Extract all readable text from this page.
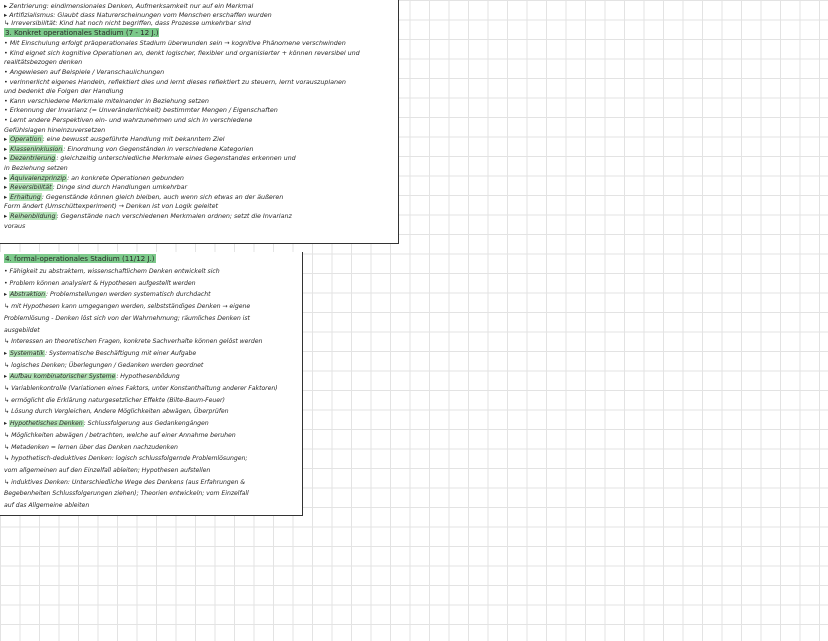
▸ Zentrierung: eindimensionales Denken, Aufmerksamkeit nur auf ein Merkmal
▸ Artifizialismus: Glaubt dass Naturerscheinungen vom Menschen erschaffen wurden
↳ Irreversibilität: Kind hat noch nicht begriffen, dass Prozesse umkehrbar sind
3. Konkret operationales Stadium (7 - 12 J.)
• Mit Einschulung erfolgt präoperationales Stadium überwunden sein → kognitive Phänomene verschwinden
• Kind eignet sich kognitive Operationen an, denkt logischer, flexibler und organisierter + können reversibel und
realitätsbezogen denken
• Angewiesen auf Beispiele / Veranschaulichungen
• verinnerlicht eigenes Handeln, reflektiert dies und lernt dieses reflektiert zu steuern, lernt vorauszuplanen
und bedenkt die Folgen der Handlung
• Kann verschiedene Merkmale miteinander in Beziehung setzen
• Erkennung der Invarianz (= Unveränderlichkeit) bestimmter Mengen / Eigenschaften
• Lernt andere Perspektiven ein- und wahrzunehmen und sich in verschiedene
Gefühlslagen hineinzuversetzen
▸ Operation: eine bewusst ausgeführte Handlung mit bekanntem Ziel
▸ Klasseninklusion: Einordnung von Gegenständen in verschiedene Kategorien
▸ Dezentrierung: gleichzeitig unterschiedliche Merkmale eines Gegenstandes erkennen und
in Beziehung setzen
▸ Äquivalenzprinzip: an konkrete Operationen gebunden
▸ Reversibilität: Dinge sind durch Handlungen umkehrbar
▸ Erhaltung: Gegenstände können gleich bleiben, auch wenn sich etwas an der äußeren
Form ändert (Umschüttexperiment) → Denken ist von Logik geleitet
▸ Reihenbildung: Gegenstände nach verschiedenen Merkmalen ordnen; setzt die Invarianz
voraus
4. formal-operationales Stadium (11/12 J.)
• Fähigkeit zu abstraktem, wissenschaftlichem Denken entwickelt sich
• Problem können analysiert & Hypothesen aufgestellt werden
▸ Abstraktion: Problemstellungen werden systematisch durchdacht
↳ mit Hypothesen kann umgegangen werden, selbstständiges Denken → eigene
Problemlösung - Denken löst sich von der Wahrnehmung; räumliches Denken ist
ausgebildet
↳ Interessen an theoretischen Fragen, konkrete Sachverhalte können gelöst werden
▸ Systematik: Systematische Beschäftigung mit einer Aufgabe
↳ logisches Denken; Überlegungen / Gedanken werden geordnet
▸ Aufbau kombinatorischer Systeme: Hypothesenbildung
↳ Variablenkontrolle (Variationen eines Faktors, unter Konstanthaltung anderer Faktoren)
↳ ermöglicht die Erklärung naturgesetzlicher Effekte (Bilte-Baum-Feuer)
↳ Lösung durch Vergleichen, Andere Möglichkeiten abwägen, Überprüfen
▸ Hypothetisches Denken: Schlussfolgerung aus Gedankengängen
↳ Möglichkeiten abwägen / betrachten, welche auf einer Annahme beruhen
↳ Metadenken = lernen über das Denken nachzudenken
↳ hypothetisch-deduktives Denken: logisch schlussfolgernde Problemlösungen;
vom allgemeinen auf den Einzelfall ableiten; Hypothesen aufstellen
↳ induktives Denken: Unterschiedliche Wege des Denkens (aus Erfahrungen &
Begebenheiten Schlussfolgerungen ziehen); Theorien entwickeln; vom Einzelfall
auf das Allgemeine ableiten
